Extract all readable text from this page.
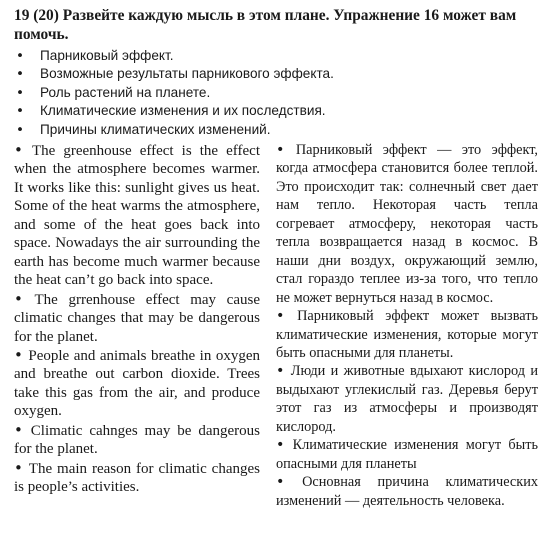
19 (20) Развейте каждую мысль в этом плане. Упражнение 16 может вам помочь.
• Парниковый эффект.
• Возможные результаты парникового эффекта.
• Роль растений на планете.
• Климатические изменения и их последствия.
• Причины климатических изменений.

• The greenhouse effect is the effect when the atmosphere becomes warmer. It works like this: sunlight gives us heat. Some of the heat warms the atmosphere, and some of the heat goes back into space. Nowadays the air surrounding the earth has become much warmer because the heat can’t go back into space.

• The grrenhouse effect may cause climatic changes that may be dangerous for the planet.

• People and animals breathe in oxygen and breathe out carbon dioxide. Trees take this gas from the air, and produce oxygen.

• Climatic cahnges may be dangerous for the planet.

• The main reason for climatic changes is people’s activities.

• Парниковый эффект — это эффект, когда атмосфера становится более теплой. Это происходит так: солнечный свет дает нам тепло. Некоторая часть тепла согревает атмосферу, некоторая часть тепла возвращается назад в космос. В наши дни воздух, окружающий землю, стал гораздо теплее из-за того, что тепло не может вернуться назад в космос.

• Парниковый эффект может вызвать климатические изменения, которые могут быть опасными для планеты.

• Люди и животные вдыхают кислород и выдыхают углекислый газ. Деревья берут этот газ из атмосферы и производят кислород.

• Климатические изменения могут быть опасными для планеты

• Основная причина климатических изменений — деятельность человека.
